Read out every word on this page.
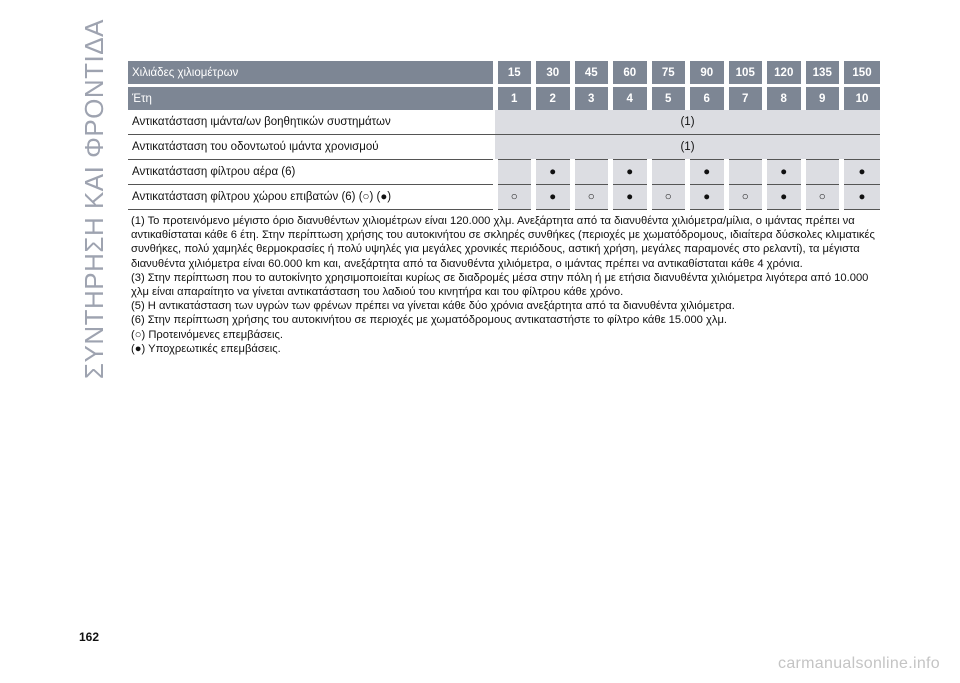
ΣΥΝΤΗΡΗΣΗ ΚΑΙ ΦΡΟΝΤΙΔΑ Χιλιάδες χιλιομέτρων	15	30	45	60	75	90	105	120	135	150
Έτη	1	2	3	4	5	6	7	8	9	10
Αντικατάσταση ιμάντα/ων βοηθητικών συστημάτων	(1)									
Αντικατάσταση του οδοντωτού ιμάντα χρονισμού	(1)									
Αντικατάσταση φίλτρου αέρα (6)		●		●		●		●		●
Αντικατάσταση φίλτρου χώρου επιβατών (6) (○) (●)	○	●	○	●	○	●	○	●	○	●

(1) Το προτεινόμενο μέγιστο όριο διανυθέντων χιλιομέτρων είναι 120.000 χλμ. Ανεξάρτητα από τα διανυθέντα χιλιόμετρα/μίλια, ο ιμάντας πρέπει να αντικαθίσταται κάθε 6 έτη. Στην περίπτωση χρήσης του αυτοκινήτου σε σκληρές συνθήκες (περιοχές με χωματόδρομους, ιδιαίτερα δύσκολες κλιματικές συνθήκες, πολύ χαμηλές θερμοκρασίες ή πολύ υψηλές για μεγάλες χρονικές περιόδους, αστική χρήση, μεγάλες παραμονές στο ρελαντί), τα μέγιστα διανυθέντα χιλιόμετρα είναι 60.000 km και, ανεξάρτητα από τα διανυθέντα χιλιόμετρα, ο ιμάντας πρέπει να αντικαθίσταται κάθε 4 χρόνια.

(3) Στην περίπτωση που το αυτοκίνητο χρησιμοποιείται κυρίως σε διαδρομές μέσα στην πόλη ή με ετήσια διανυθέντα χιλιόμετρα λιγότερα από 10.000 χλμ είναι απαραίτητο να γίνεται αντικατάσταση του λαδιού του κινητήρα και του φίλτρου κάθε χρόνο.

(5) Η αντικατάσταση των υγρών των φρένων πρέπει να γίνεται κάθε δύο χρόνια ανεξάρτητα από τα διανυθέντα χιλιόμετρα.

(6) Στην περίπτωση χρήσης του αυτοκινήτου σε περιοχές με χωματόδρομους αντικαταστήστε το φίλτρο κάθε 15.000 χλμ.

(○) Προτεινόμενες επεμβάσεις.

(●) Υποχρεωτικές επεμβάσεις.

162
carmanualsonline.info
